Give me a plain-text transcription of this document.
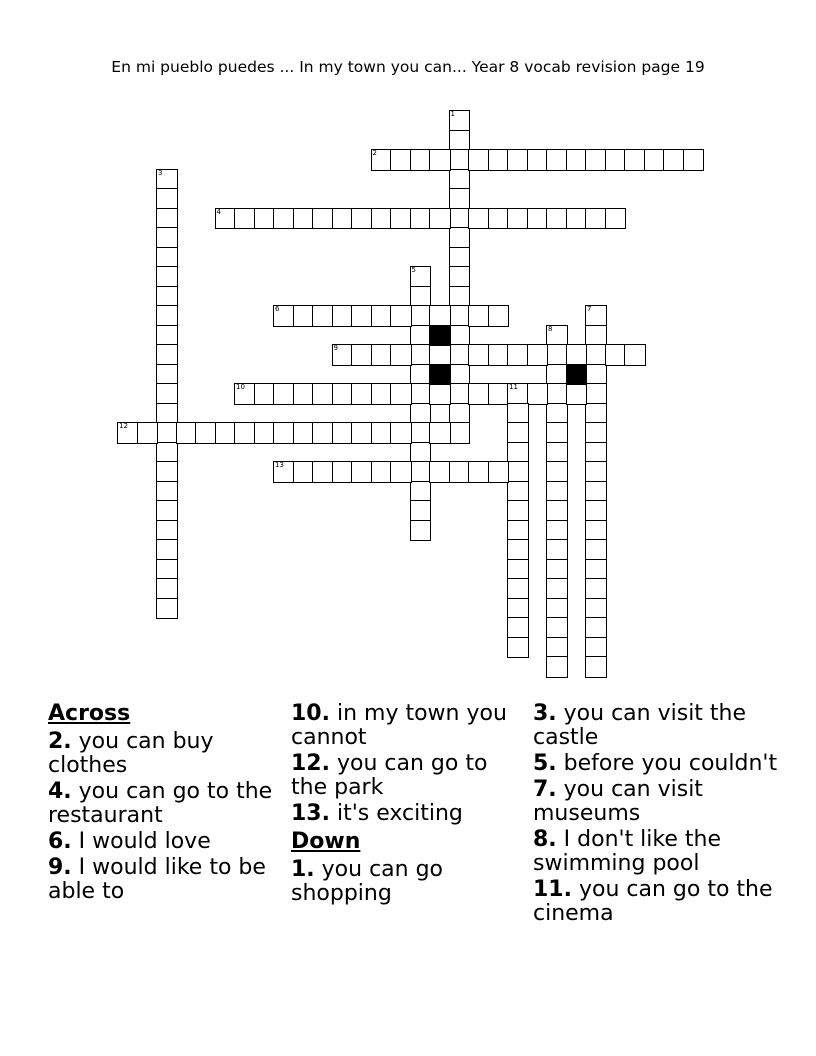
En mi pueblo puedes ... In my town you can... Year 8 vocab revision page 19
1
2
3
4
5
6	7
8
9
10	11
12
13
Across
2. you can buy clothes
4. you can go to the restaurant
6. I would love
9. I would like to be able to
10. in my town you cannot
12. you can go to the park
13. it's exciting
Down
1. you can go shopping
3. you can visit the castle
5. before you couldn't
7. you can visit museums
8. I don't like the swimming pool
11. you can go to the cinema
